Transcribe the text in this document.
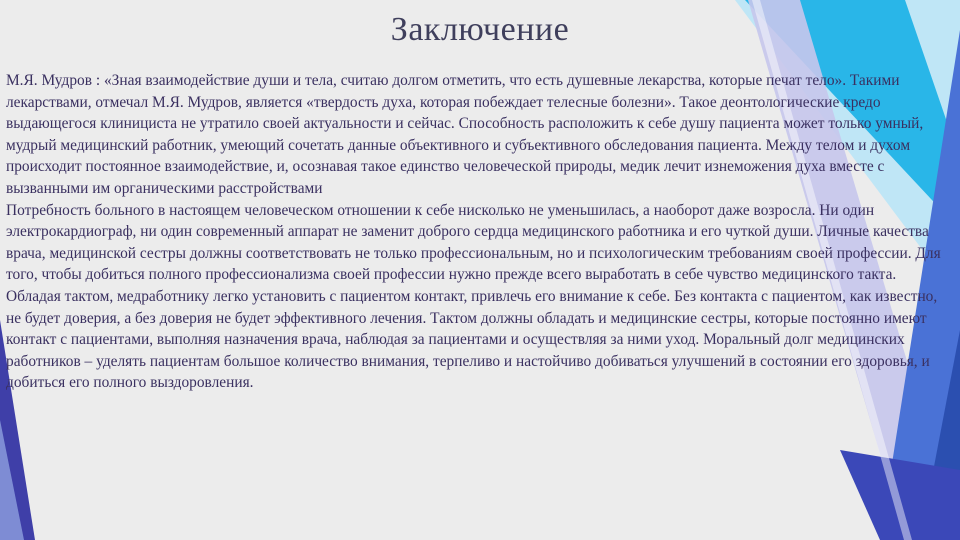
Заключение

М.Я. Мудров : «Зная взаимодействие души и тела, считаю долгом отметить, что есть душевные лекарства, которые печат тело». Такими лекарствами, отмечал М.Я. Мудров, является «твердость духа, которая побеждает телесные болезни». Такое деонтологические кредо выдающегося клинициста не утратило своей актуальности и сейчас. Способность расположить к себе душу пациента может только умный, мудрый медицинский работник, умеющий сочетать данные объективного и субъективного обследования пациента. Между телом и духом происходит постоянное взаимодействие, и, осознавая такое единство человеческой природы, медик лечит изнеможения духа вместе с вызванными им органическими расстройствами

Потребность больного в настоящем человеческом отношении к себе нисколько не уменьшилась, а наоборот даже возросла. Ни один электрокардиограф, ни один современный аппарат не заменит доброго сердца медицинского работника и его чуткой души. Личные качества врача, медицинской сестры должны соответствовать не только профессиональным, но и психологическим требованиям своей профессии. Для того, чтобы добиться полного профессионализма своей профессии нужно прежде всего выработать в себе чувство медицинского такта. Обладая тактом, медработнику легко установить с пациентом контакт, привлечь его внимание к себе. Без контакта с пациентом, как известно, не будет доверия, а без доверия не будет эффективного лечения. Тактом должны обладать и медицинские сестры, которые постоянно имеют контакт с пациентами, выполняя назначения врача, наблюдая за пациентами и осуществляя за ними уход. Моральный долг медицинских работников – уделять пациентам большое количество внимания, терпеливо и настойчиво добиваться улучшений в состоянии его здоровья, и добиться его полного выздоровления.
